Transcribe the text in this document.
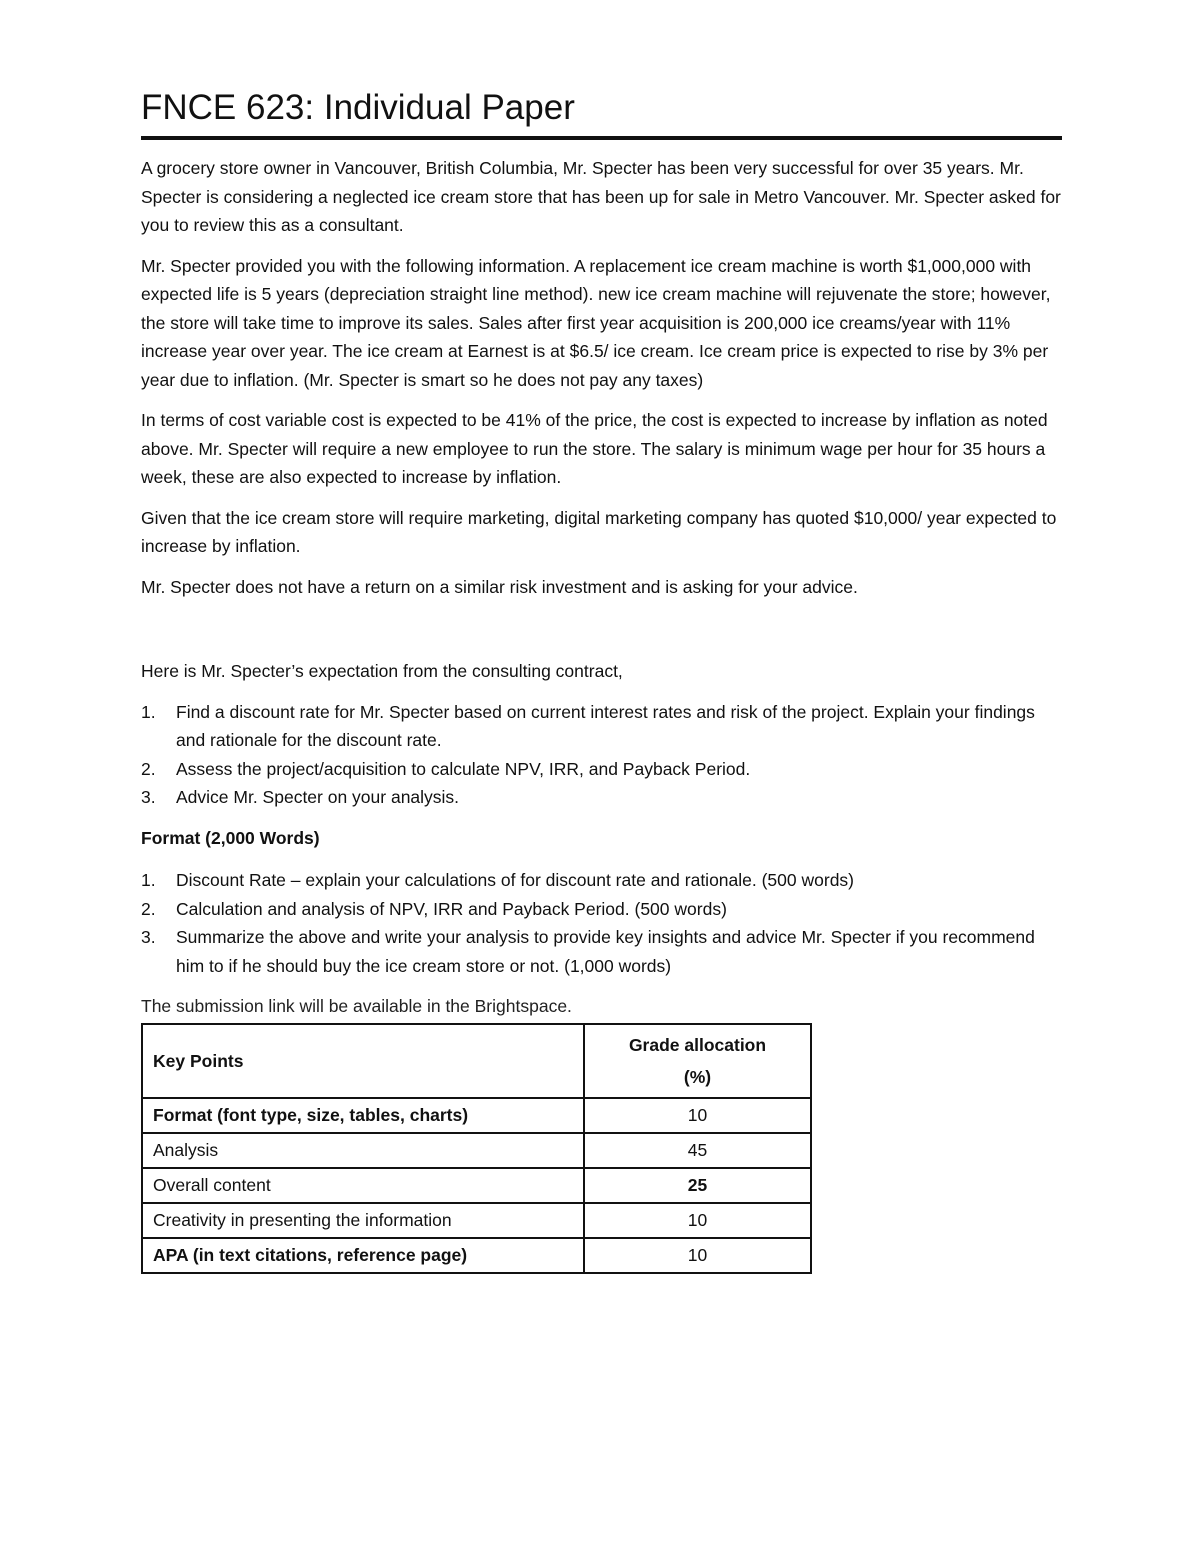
FNCE 623: Individual Paper

A grocery store owner in Vancouver, British Columbia, Mr. Specter has been very successful for over 35 years. Mr. Specter is considering a neglected ice cream store that has been up for sale in Metro Vancouver. Mr. Specter asked for you to review this as a consultant.

Mr. Specter provided you with the following information. A replacement ice cream machine is worth $1,000,000 with expected life is 5 years (depreciation straight line method). new ice cream machine will rejuvenate the store; however, the store will take time to improve its sales. Sales after first year acquisition is 200,000 ice creams/year with 11% increase year over year. The ice cream at Earnest is at $6.5/ ice cream. Ice cream price is expected to rise by 3% per year due to inflation. (Mr. Specter is smart so he does not pay any taxes)

In terms of cost variable cost is expected to be 41% of the price, the cost is expected to increase by inflation as noted above. Mr. Specter will require a new employee to run the store. The salary is minimum wage per hour for 35 hours a week, these are also expected to increase by inflation.

Given that the ice cream store will require marketing, digital marketing company has quoted $10,000/ year expected to increase by inflation.

Mr. Specter does not have a return on a similar risk investment and is asking for your advice.

Here is Mr. Specter’s expectation from the consulting contract,

1. Find a discount rate for Mr. Specter based on current interest rates and risk of the project. Explain your findings and rationale for the discount rate.
2. Assess the project/acquisition to calculate NPV, IRR, and Payback Period.
3. Advice Mr. Specter on your analysis.

Format (2,000 Words)

1. Discount Rate – explain your calculations of for discount rate and rationale. (500 words)
2. Calculation and analysis of NPV, IRR and Payback Period. (500 words)
3. Summarize the above and write your analysis to provide key insights and advice Mr. Specter if you recommend him to if he should buy the ice cream store or not. (1,000 words)

The submission link will be available in the Brightspace.

Key Points	Grade allocation
(%)

Format (font type, size, tables, charts)	10
Analysis	45
Overall content	25
Creativity in presenting the information	10
APA (in text citations, reference page)	10
